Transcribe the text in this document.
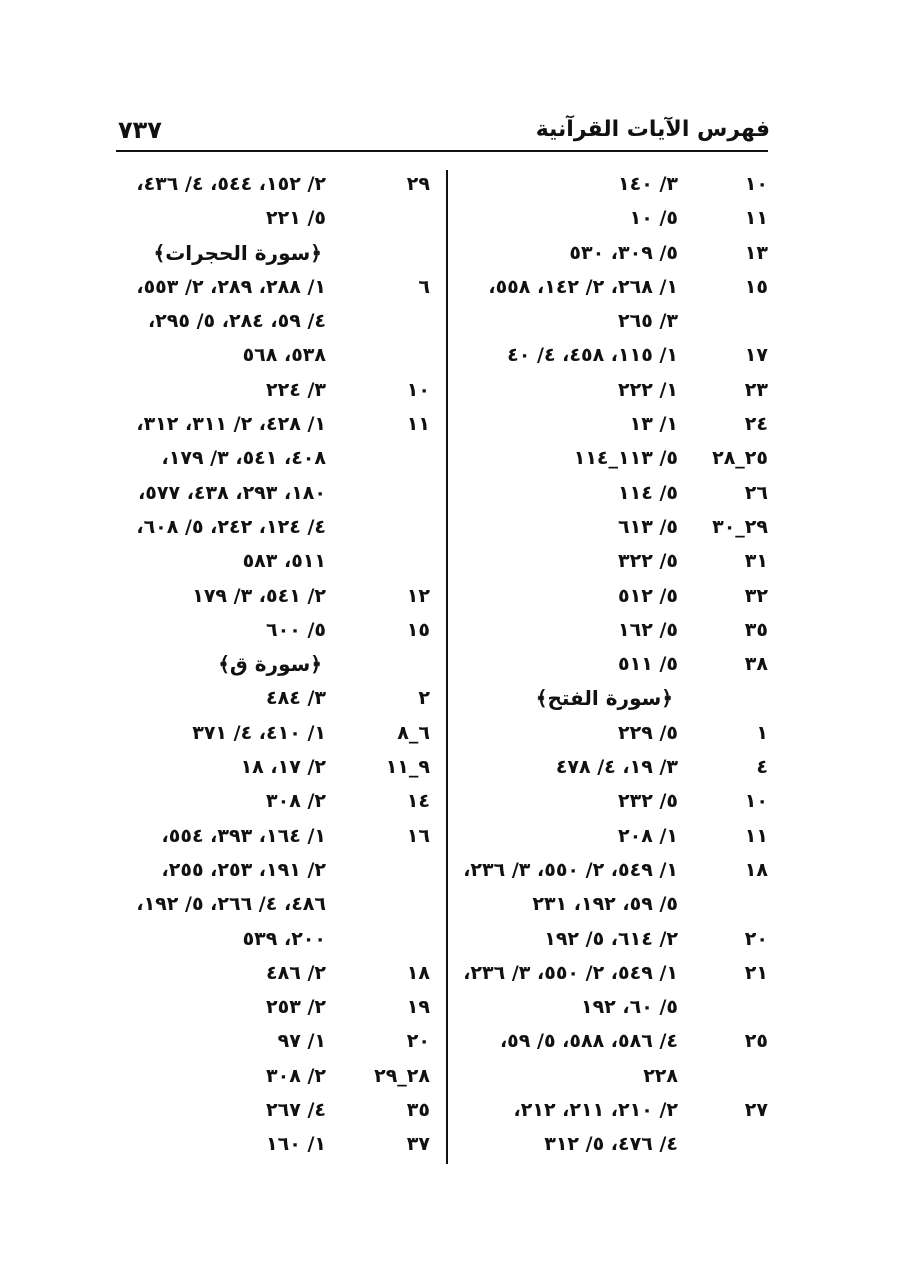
فهرس الآيات القرآنية
٧٣٧
١٠
٣/ ١٤٠
١١
٥/ ١٠
١٣
٥/ ٣٠٩، ٥٣٠
١٥
١/ ٢٦٨، ٢/ ١٤٢، ٥٥٨،
٣/ ٢٦٥
١٧
١/ ١١٥، ٤٥٨، ٤/ ٤٠
٢٣
١/ ٢٢٢
٢٤
١/ ١٣
٢٥_٢٨
٥/ ١١٣_١١٤
٢٦
٥/ ١١٤
٢٩_٣٠
٥/ ٦١٣
٣١
٥/ ٣٢٢
٣٢
٥/ ٥١٢
٣٥
٥/ ١٦٢
٣٨
٥/ ٥١١
﴿سورة الفتح﴾
١
٥/ ٢٢٩
٤
٣/ ١٩، ٤/ ٤٧٨
١٠
٥/ ٢٣٢
١١
١/ ٢٠٨
١٨
١/ ٥٤٩، ٢/ ٥٥٠، ٣/ ٢٣٦،
٥/ ٥٩، ١٩٢، ٢٣١
٢٠
٢/ ٦١٤، ٥/ ١٩٢
٢١
١/ ٥٤٩، ٢/ ٥٥٠، ٣/ ٢٣٦،
٥/ ٦٠، ١٩٢
٢٥
٤/ ٥٨٦، ٥٨٨، ٥/ ٥٩،
٢٢٨
٢٧
٢/ ٢١٠، ٢١١، ٢١٢،
٤/ ٤٧٦، ٥/ ٣١٢
٢٩
٢/ ١٥٢، ٥٤٤، ٤/ ٤٣٦،
٥/ ٢٢١
﴿سورة الحجرات﴾
٦
١/ ٢٨٨، ٢٨٩، ٢/ ٥٥٣،
٤/ ٥٩، ٢٨٤، ٥/ ٢٩٥،
٥٣٨، ٥٦٨
١٠
٣/ ٢٢٤
١١
١/ ٤٢٨، ٢/ ٣١١، ٣١٢،
٤٠٨، ٥٤١، ٣/ ١٧٩،
١٨٠، ٢٩٣، ٤٣٨، ٥٧٧،
٤/ ١٢٤، ٢٤٢، ٥/ ٦٠٨،
٥١١، ٥٨٣
١٢
٢/ ٥٤١، ٣/ ١٧٩
١٥
٥/ ٦٠٠
﴿سورة ق﴾
٢
٣/ ٤٨٤
٦_٨
١/ ٤١٠، ٤/ ٣٧١
٩_١١
٢/ ١٧، ١٨
١٤
٢/ ٣٠٨
١٦
١/ ١٦٤، ٣٩٣، ٥٥٤،
٢/ ١٩١، ٢٥٣، ٢٥٥،
٤٨٦، ٤/ ٢٦٦، ٥/ ١٩٢،
٢٠٠، ٥٣٩
١٨
٢/ ٤٨٦
١٩
٢/ ٢٥٣
٢٠
١/ ٩٧
٢٨_٢٩
٢/ ٣٠٨
٣٥
٤/ ٢٦٧
٣٧
١/ ١٦٠
